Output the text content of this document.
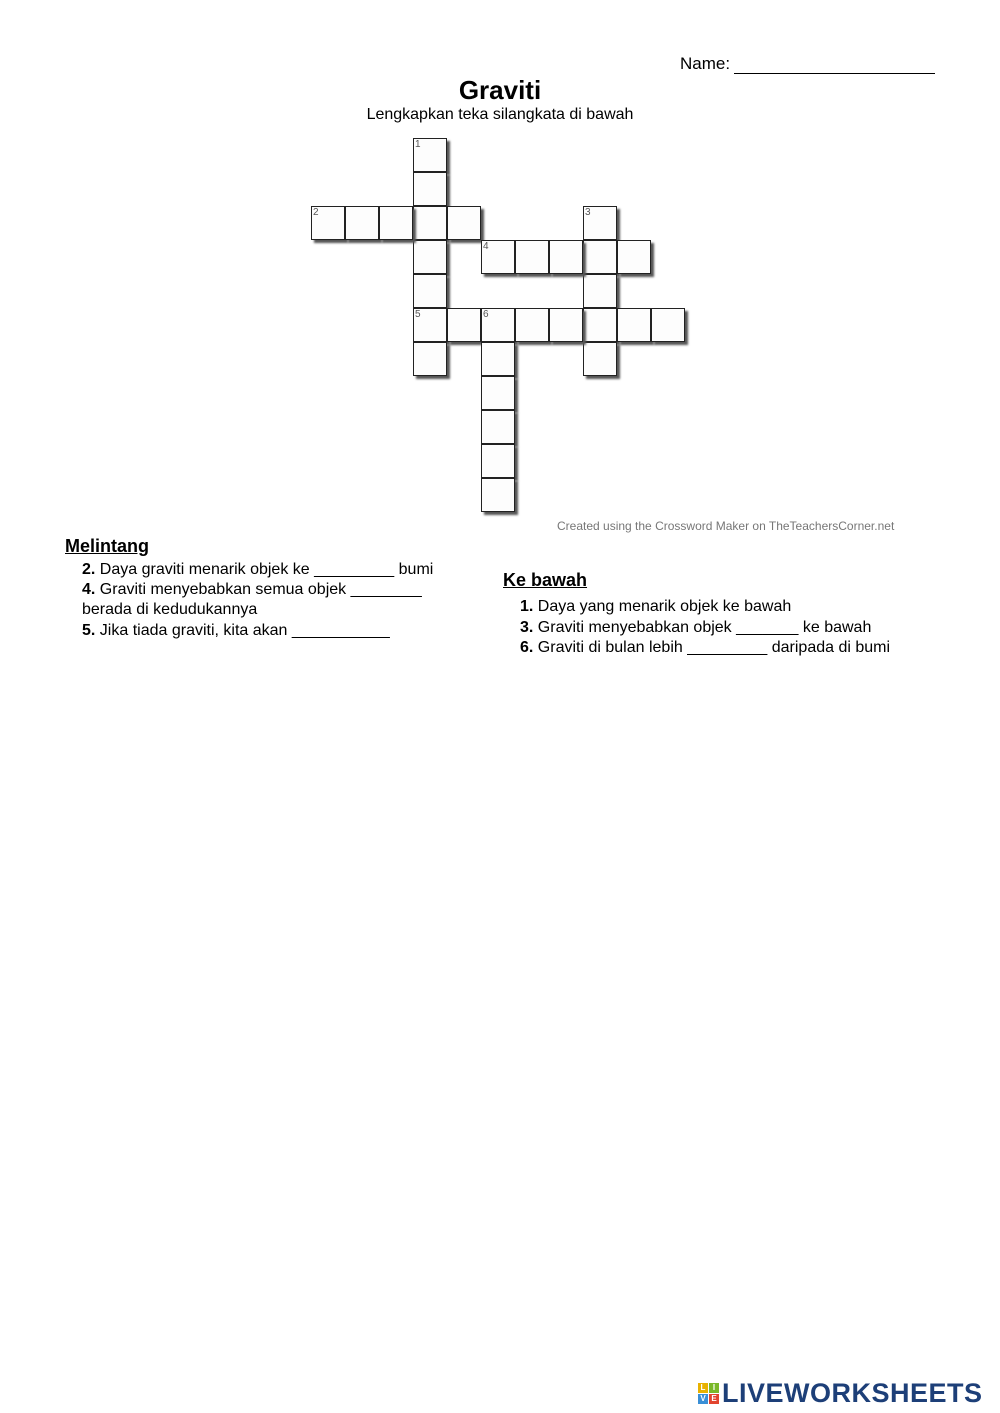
Name:
Graviti
Lengkapkan teka silangkata di bawah
1
5
2	3
4
6
Created using the Crossword Maker on TheTeachersCorner.net
Melintang
2. Daya graviti menarik objek ke _________ bumi
4. Graviti menyebabkan semua objek ________
berada di kedudukannya
5. Jika tiada graviti, kita akan ___________
Ke bawah
1. Daya yang menarik objek ke bawah
3. Graviti menyebabkan objek _______ ke bawah
6. Graviti di bulan lebih _________ daripada di bumi
L I
V E LIVEWORKSHEETS
